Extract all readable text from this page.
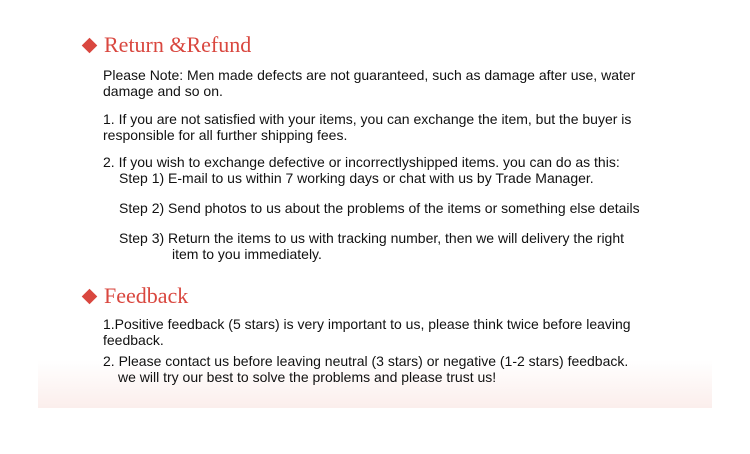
Return &Refund
Please Note: Men made defects are not guaranteed, such as damage after use, water damage and so on.
1. If you are not satisfied with your items, you can exchange the item, but the buyer is responsible for all further shipping fees.
2. If you wish to exchange defective or incorrectlyshipped items. you can do as this:
Step 1) E-mail to us within 7 working days or chat with us by Trade Manager.
Step 2) Send photos to us about the problems of the items or something else details
Step 3) Return the items to us with tracking number, then we will delivery the right
item to you immediately.
Feedback
1.Positive feedback (5 stars) is very important to us, please think twice before leaving feedback.
2. Please contact us before leaving neutral (3 stars) or negative (1-2 stars) feedback.
we will try our best to solve the problems and please trust us!
